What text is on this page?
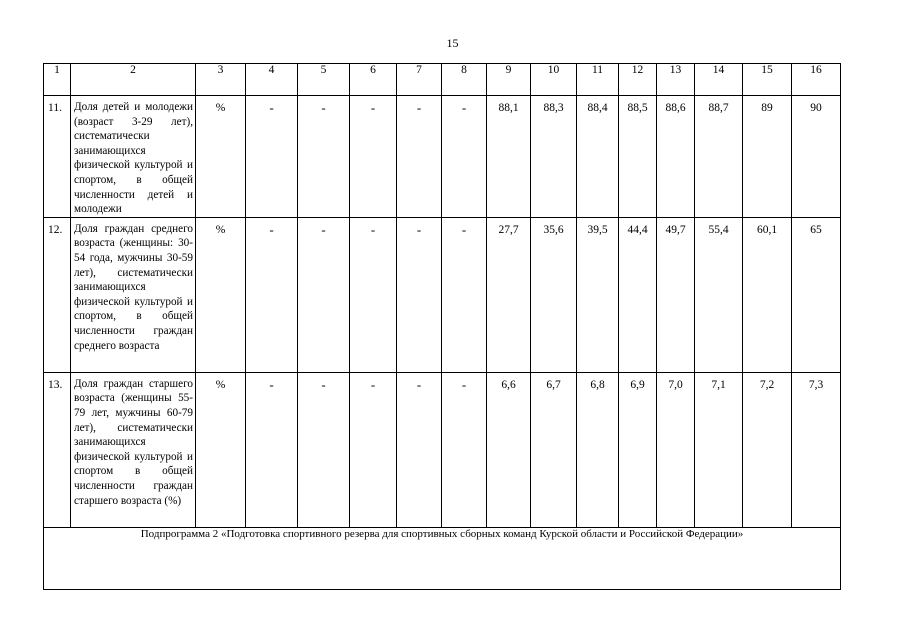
15
1	2	3	4	5	6	7	8	9	10	11	12	13	14	15	16
11.	Доля детей и молодежи (возраст 3-29 лет), систематически занимающихся физической культурой и спортом, в общей численности детей и молодежи	%	-	-	-	-	-	88,1	88,3	88,4	88,5	88,6	88,7	89	90
12.	Доля граждан среднего возраста (женщины: 30-54 года, мужчины 30-59 лет), систематически занимающихся физической культурой и спортом, в общей численности граждан среднего возраста	%	-	-	-	-	-	27,7	35,6	39,5	44,4	49,7	55,4	60,1	65
13.	Доля граждан старшего возраста (женщины 55-79 лет, мужчины 60-79 лет), систематически занимающихся физической культурой и спортом в общей численности граждан старшего возраста (%)	%	-	-	-	-	-	6,6	6,7	6,8	6,9	7,0	7,1	7,2	7,3
Подпрограмма 2 «Подготовка спортивного резерва для спортивных сборных команд Курской области и Российской Федерации»															
